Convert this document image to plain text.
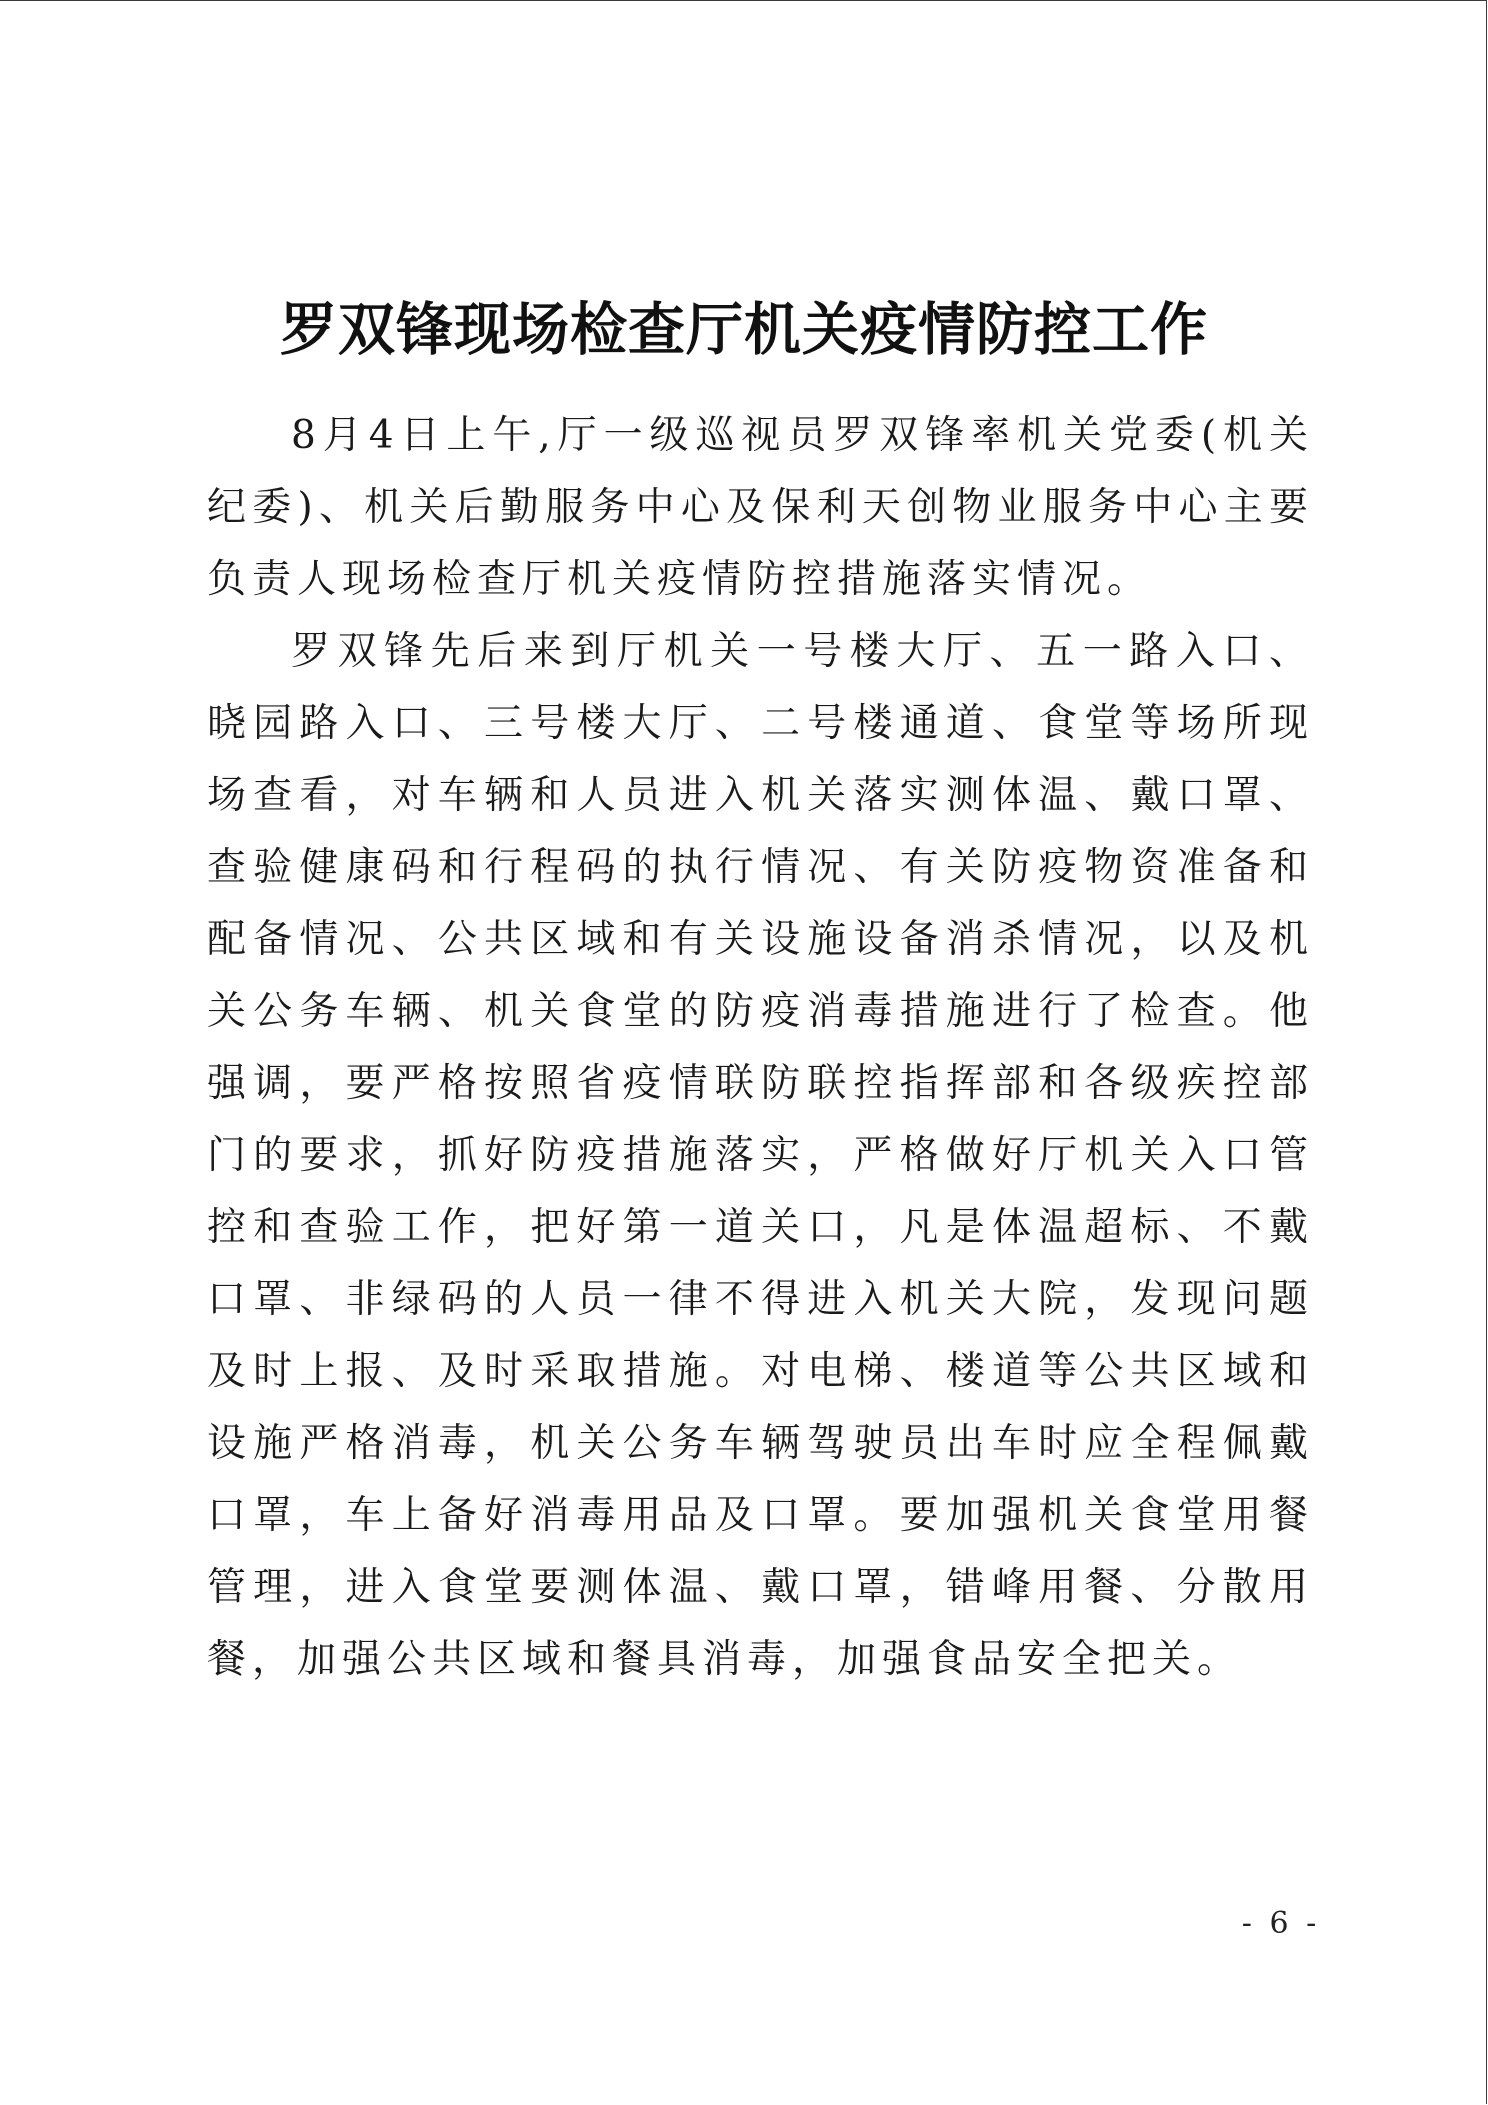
罗双锋现场检查厅机关疫情防控工作

8月4日上午,厅一级巡视员罗双锋率机关党委(机关纪委)、机关后勤服务中心及保利天创物业服务中心主要负责人现场检查厅机关疫情防控措施落实情况。

罗双锋先后来到厅机关一号楼大厅、五一路入口、晓园路入口、三号楼大厅、二号楼通道、食堂等场所现场查看，对车辆和人员进入机关落实测体温、戴口罩、查验健康码和行程码的执行情况、有关防疫物资准备和配备情况、公共区域和有关设施设备消杀情况，以及机关公务车辆、机关食堂的防疫消毒措施进行了检查。他强调，要严格按照省疫情联防联控指挥部和各级疾控部门的要求，抓好防疫措施落实，严格做好厅机关入口管控和查验工作，把好第一道关口，凡是体温超标、不戴口罩、非绿码的人员一律不得进入机关大院，发现问题及时上报、及时采取措施。对电梯、楼道等公共区域和设施严格消毒，机关公务车辆驾驶员出车时应全程佩戴口罩，车上备好消毒用品及口罩。要加强机关食堂用餐管理，进入食堂要测体温、戴口罩，错峰用餐、分散用餐，加强公共区域和餐具消毒，加强食品安全把关。

- 6 -
